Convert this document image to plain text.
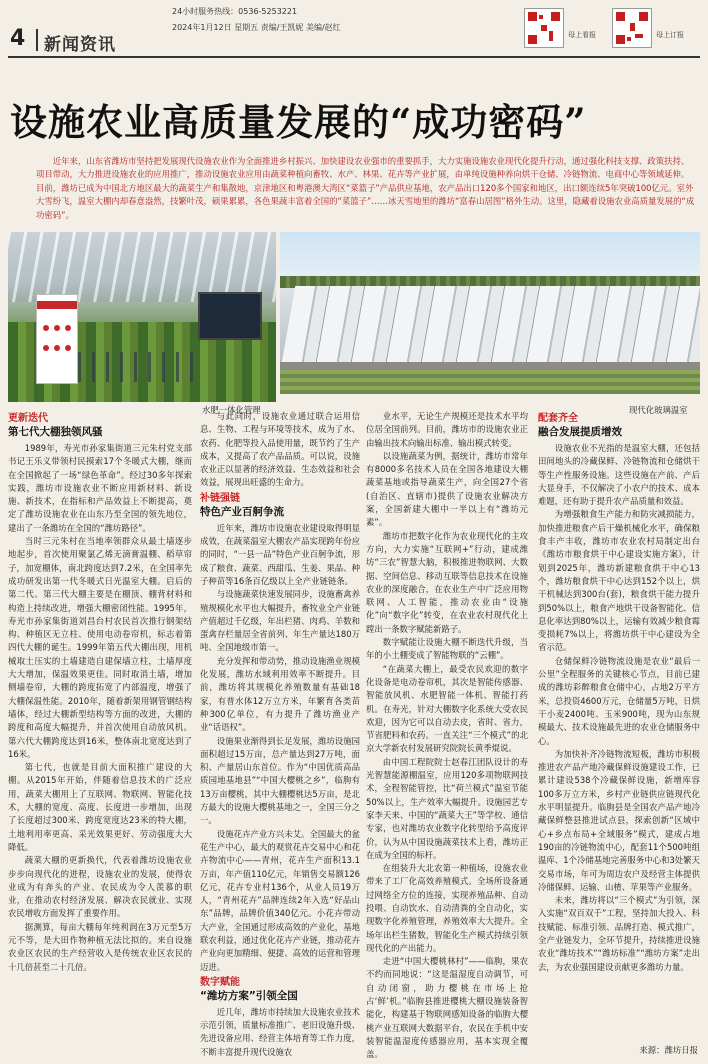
4 新闻资讯
24小时服务热线：0536-5253221
2024年1月12日 星期五 责编/王凯妮 美编/赵红
母上看报	母上订报
设施农业高质量发展的“成功密码”
近年来，山东省潍坊市坚持把发展现代设施农业作为全面推进乡村振兴、加快建设农业强市的重要抓手，大力实施设施农业现代化提升行动，通过强化科技支撑、政策扶持、项目带动，大力推进设施农业的应用推广，推动设施农业应用由蔬菜种植向畜牧、水产、林果、花卉等产业扩展，由单纯设施种养向烘干仓储、冷链物流、电商中心等领域延伸。目前，潍坊已成为中国北方地区最大的蔬菜生产和集散地，京津地区和粤港澳大湾区“菜篮子”产品供应基地，农产品出口120多个国家和地区，出口额连续5年突破100亿元。室外大雪纷飞，温室大棚内却春意盎然，技繁叶茂，硕果累累，各色果蔬丰富着全国的“菜篮子”……冰天雪地里的潍坊“富春山居图”格外生动。这里，隐藏着设施农业高质量发展的“成功密码”。
水肥一体化管理	现代化玻璃温室
更新迭代
第七代大棚独领风骚

1989年，寿光市孙家集街道三元朱村党支部书记王乐义带领村民摸索17个冬暖式大棚，继而在全国掀起了一场“绿色革命”。经过30多年探索实践，潍坊市设施农业不断应用新材料、新设施、新技术，在指标和产品效益上不断提高，奠定了潍坊设施农业在山东乃至全国的领先地位，建出了一条潍坊在全国的“潍坊路径”。

当时三元朱村在当地率领群众从最土墙逐步地起步，首次使用聚氯乙烯无滴膏温棚、稻草帘子，加宽棚体，南北跨度达到7.2米，在全国率先成功研发出第一代冬暖式日光温室大棚。启后的第二代、第三代大棚主要是在棚顶、棚背材料和构造上持续改进，增强大棚密闭性能。1995年，寿光市孙家集街道刘昌台村农民首次推行钢架结构、种植区无立柱、使用电动卷帘机，标志着第四代大棚的诞生。1999年第五代大棚出现，用机械取土压实的土墙建造自建保墙立柱，土墙厚度大大增加，保温效果更佳。同时取消土墙，增加侧墙卷帘，大棚的跨度拓宽了内部温度，增强了大棚保温性能。2010年，随着新架用钢管钢结构墙体，经过大棚新型结构等方面的改进，大棚的跨度和高度大幅提升，并首次使用自动放风机。第六代大棚跨度达到16米，整体南北宽度达到了16米。

第七代，也就是目前大面积推广建设的大棚。从2015年开始，伴随着信息技术的广泛应用，蔬菜大棚用上了互联网、物联网、智能化技术，大棚的宽度、高度、长度进一步增加，出现了长度超过300米、跨度宽度达23米的特大棚，土地利用率更高、采光效果更好、劳动强度大大降低。

蔬菜大棚的更新换代，代表着潍坊设施农业步步向现代化的进程，设施农业的发展，使得农业成为有奔头的产业、农民成为令人羡慕的职业，在推动农村经济发展、解决农民就业、实现农民增收方面发挥了重要作用。

据测算，每亩大棚每年纯利润在3万元至5万元不等，是大田作物种植无法比拟的。来自设施农业区农民的生产经营收入是传统农业区农民的十几倍甚至二十几倍。

与此同时，设施农业通过联合运用信息、生物、工程与环境等技术，成为了水、农药、化肥等投入品使用量，既节约了生产成本，又提高了农产品品质。可以说，设施农业正以显著的经济效益、生态效益和社会效益，展现出旺盛的生命力。

补链强链
特色产业百舸争流

近年来，潍坊市设施农业建设取得明显成效，在蔬菜温室大棚农产品实现跨年份应的同时，“一县一品”特色产业百舸争流，形成了粮食、蔬菜、西甜瓜、生姜、果品、种子种苗等16条百亿级以上全产业链链条。

与设施蔬菜快速发展同步，设施畜禽养殖规模化水平也大幅提升，畜牧业全产业链产值超过千亿级，年出栏猪、肉鸡、羊数和蛋禽存栏量居全省前列、年生产量达180万吨、全国地级市第一。

充分发挥和带动势，推动设施渔业规模化发展，潍坊水域利用效率不断提升。目前，潍坊将其规模化养殖数量有基础18家，有普水体12万立方米，年繁育各类苗种300亿单位，有力提升了潍坊渔业产业“话语权”。

设施果业渐得到长足发展，潍坊设施园面积超过15万亩，总产量达到27万吨，面积、产量居山东首位。作为“中国优质高品质园地基地县”“中国大樱桃之乡”，临朐有13万亩樱桃，其中大棚樱桃达5万亩，是北方最大的设施大樱桃基地之一，全国三分之一。

设施花卉产业方兴未艾。全国最大的盆花生产中心，最大的观赏花卉交易中心和花卉物流中心——青州，花卉生产面积13.1万亩，年产值110亿元，年销售交易额126亿元，花卉专业村136个，从业人员19万人，“青州花卉”品牌连续2年入选“好品山东”品牌，品牌价值340亿元。小花卉带动大产业，全国通过形成高效的产业化，基地联农利益，通过优化花卉产业链，推动花卉产业向更加精细、便捷、高效的运营和管理迈进。

数字赋能
“潍坊方案”引领全国

近几年，潍坊市持续加大设施农业技术示范引领，质量标准推广、老旧设施升级、先进设备应用、经营主体培育等工作力度，不断丰富提升现代设施农

业水平，无论生产规模还是技术水平均位居全国前列。目前，潍坊市的设施农业正由输出技术向输出标准、输出模式转变。

以设施蔬菜为例，据统计，潍坊市常年有8000多名技术人员在全国各地建设大棚蔬菜基地或指导蔬菜生产，向全国27个省(自治区、直辖市)提供了设施农业解决方案，全国新建大棚中一半以上有“潍坊元素”。

潍坊市把数字化作为农业现代化的主攻方向，大力实施“互联网+”行动，建成潍坊“三农”智慧大脑，积极推进物联网、大数据、空间信息、移动互联等信息技术在设施农业的深度融合，在农业生产中广泛应用物联网、人工智能，推动农业由“设施化”向“数字化”转变，在农业农村现代化上蹚出一条数字赋能新路子。

数字赋能让设施大棚不断迭代升级，当年的小土棚变成了智能物联的“云棚”。

“在蔬菜大棚上，最受农民欢迎的数字化设备是电动卷帘机，其次是智能传感器、智能放风机、水肥智能一体机、智能打药机。在寿光，针对大棚数字化系统大受农民欢迎，因为它可以自动去皮，省时、省力，节省肥料和农药。一直关注“三个模式”的北京大学新农村发展研究院院长黄季焜说。

由中国工程院院士赵春江团队设计的寿光智慧能源棚温室，应用120多项物联网技术，全程智能管控，比“荷兰模式”温室节能50%以上，生产效率大幅提升。设施园艺专家李天来、中国的“蔬菜大王”等学校、通信专家，也对潍坊农业数字化转型给予高度评价，认为从中国设施蔬菜技术上看，潍坊正在成为全国的标杆。

在组装升大北农第一种植场，设施农业带来了工厂化高效养殖模式。全场所设备通过网络全方位的连接，实现养殖品种、自动投喂、自动饮水、自动清粪的全自动化，实现数字化养殖管理，养殖效率大大提升。全场年出栏生猪数，智能化生产模式持续引领现代化的产出能力。

走进“中国大樱桃林村”——临朐，果农不约而同地说：“这是温湿度自动调节，可自动闭窗，助力樱桃在市场上抢占‘鲜’机。”临朐县推进樱桃大棚设施装备智能化，构建基于物联网感知设备的临朐大樱桃产业互联网大数据平台，农民在手机中安装智能温湿度传感器应用，基本实现全覆盖。

配套齐全
融合发展提质增效

设施农业不光指的是温室大棚，还包括田间地头的冷藏保鲜、冷链物流和仓储烘干等生产性服务设施。这些设施在产前、产后大显身手，不仅解决了小农户的技术、成本难题，还有助于提升农产品质量和效益。

为增强粮食生产能力和防灾减损能力，加快推进粮食产后干燥机械化水平，确保粮食丰产丰收，潍坊市农业农村局制定出台《潍坊市粮食烘干中心建设实施方案》，计划到2025年，潍坊新建粮食烘干中心13个，潍坊粮食烘干中心达到152个以上，烘干机械达到300台(套)，粮食烘干能力提升到50%以上，粮食产地烘干设备智能化、信息化率达到80%以上，运输有效减少粮食霉变损耗7%以上，将潍坊烘干中心建设为全省示范。

仓储保鲜冷链物流设施是农业“最后一公里”全程服务的关键核心节点，目前已建成的潍坊彩醉粮食仓储中心，占地2万平方米，总投资4600万元，仓储量5万吨，日烘干小麦2400吨、玉米900吨，现为山东规模最大、技术设施最先进的农业仓储服务中心。

为加快补齐冷链物流短板，潍坊市积极推进农产品产地冷藏保鲜设施建设工作，已累计建设538个冷藏保鲜设施，新增库容100多万立方米，乡村产业链供应链现代化水平明显提升。临朐县是全国农产品产地冷藏保鲜整县推进试点县，探索创新“区域中心+乡点布局+全域服务”模式，建成占地190亩的冷链物流中心，配套11个500吨组温库、1个冷储基地完善服务中心和3处繁天交易市场，年可为周边农户及经营主体提供冷储保鲜、运输、山楂、苹果等产业服务。

未来，潍坊将以“三个模式”为引领，深入实施“双百双千”工程，坚持加大投入、科技赋能、标准引领、品牌打造、模式推广，全产业链发力，全环节提升，持续推进设施农业“潍坊技术”“潍坊标准”“潍坊方案”走出去，为农业强国建设贡献更多潍坊力量。

来源：潍坊日报
